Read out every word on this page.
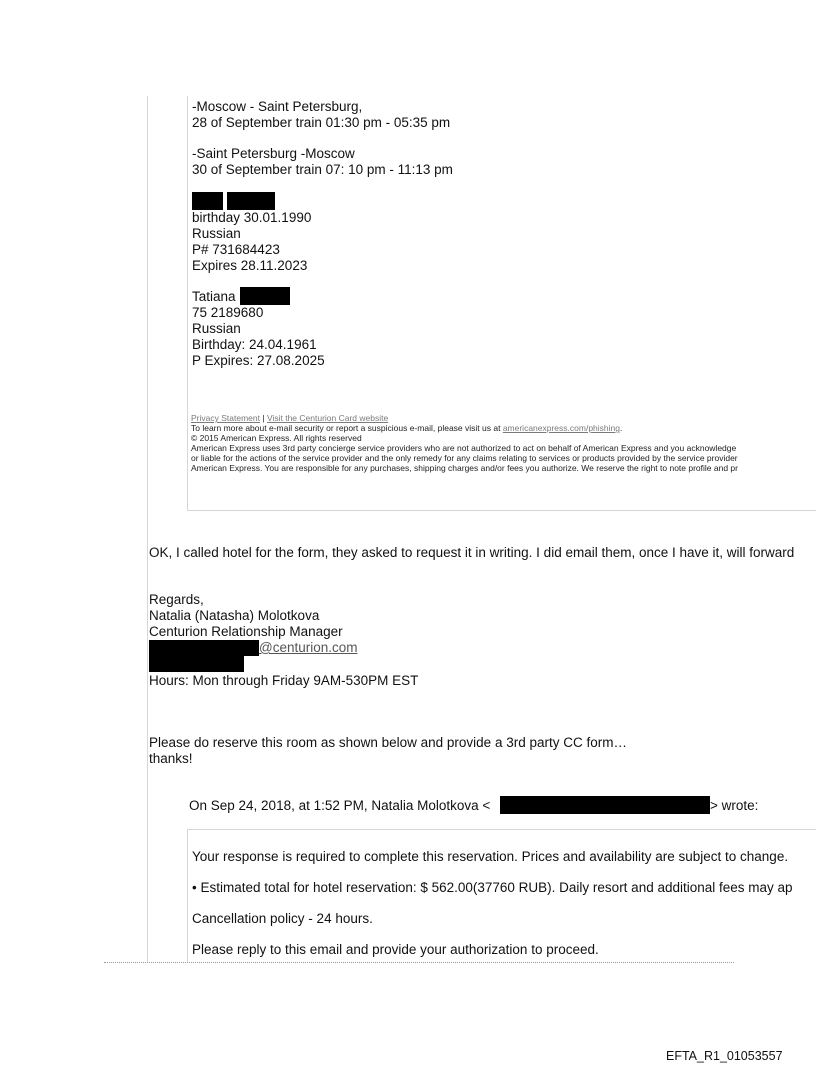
-Moscow - Saint Petersburg,
28 of September train 01:30 pm - 05:35 pm
-Saint Petersburg -Moscow
30 of September train 07: 10 pm - 11:13 pm
birthday 30.01.1990
Russian
P# 731684423
Expires 28.11.2023
Tatiana
75 2189680
Russian
Birthday: 24.04.1961
P Expires: 27.08.2025
Privacy Statement | Visit the Centurion Card website
To learn more about e-mail security or report a suspicious e-mail, please visit us at americanexpress.com/phishing.
© 2015 American Express. All rights reserved
American Express uses 3rd party concierge service providers who are not authorized to act on behalf of American Express and you acknowledge
or liable for the actions of the service provider and the only remedy for any claims relating to services or products provided by the service provider
American Express. You are responsible for any purchases, shipping charges and/or fees you authorize. We reserve the right to note profile and pr
OK, I called hotel for the form, they asked to request it in writing. I did email them, once I have it, will forward
Regards,
Natalia (Natasha) Molotkova
Centurion Relationship Manager
@centurion.com
Hours: Mon through Friday 9AM-530PM EST
Please do reserve this room as shown below and provide a 3rd party CC form…
thanks!
On Sep 24, 2018, at 1:52 PM, Natalia Molotkova <	> wrote:
Your response is required to complete this reservation. Prices and availability are subject to change.
• Estimated total for hotel reservation: $ 562.00(37760 RUB). Daily resort and additional fees may ap
Cancellation policy - 24 hours.
Please reply to this email and provide your authorization to proceed.
EFTA_R1_01053557
